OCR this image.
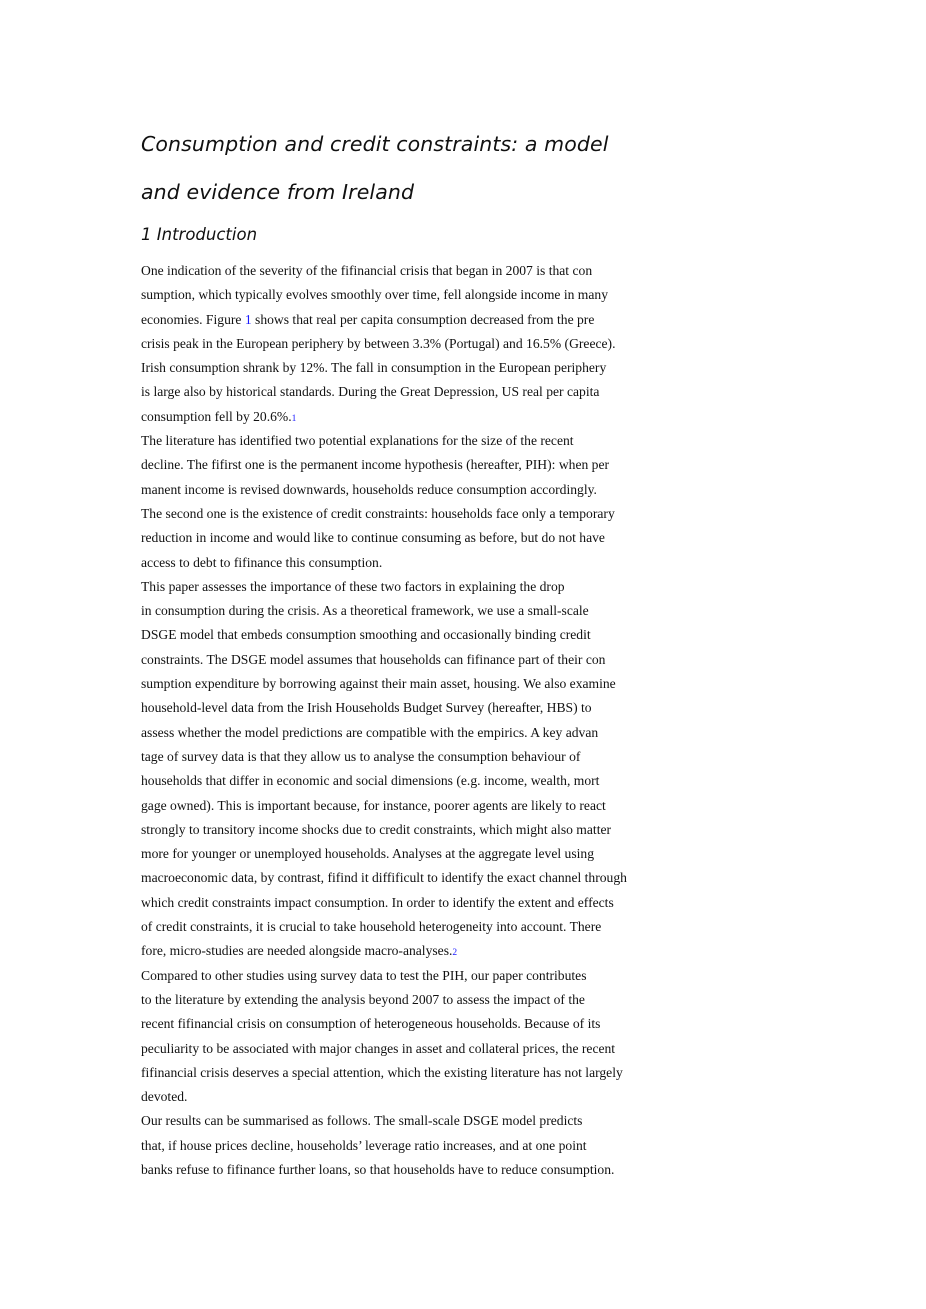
Consumption and credit constraints: a model
and evidence from Ireland
1 Introduction
One indication of the severity of the fifinancial crisis that began in 2007 is that con
sumption, which typically evolves smoothly over time, fell alongside income in many
economies. Figure 1 shows that real per capita consumption decreased from the pre
crisis peak in the European periphery by between 3.3% (Portugal) and 16.5% (Greece).
Irish consumption shrank by 12%. The fall in consumption in the European periphery
is large also by historical standards. During the Great Depression, US real per capita
consumption fell by 20.6%.1
The literature has identified two potential explanations for the size of the recent
decline. The fifirst one is the permanent income hypothesis (hereafter, PIH): when per
manent income is revised downwards, households reduce consumption accordingly.
The second one is the existence of credit constraints: households face only a temporary
reduction in income and would like to continue consuming as before, but do not have
access to debt to fifinance this consumption.
This paper assesses the importance of these two factors in explaining the drop
in consumption during the crisis. As a theoretical framework, we use a small-scale
DSGE model that embeds consumption smoothing and occasionally binding credit
constraints. The DSGE model assumes that households can fifinance part of their con
sumption expenditure by borrowing against their main asset, housing. We also examine
household-level data from the Irish Households Budget Survey (hereafter, HBS) to
assess whether the model predictions are compatible with the empirics. A key advan
tage of survey data is that they allow us to analyse the consumption behaviour of
households that differ in economic and social dimensions (e.g. income, wealth, mort
gage owned). This is important because, for instance, poorer agents are likely to react
strongly to transitory income shocks due to credit constraints, which might also matter
more for younger or unemployed households. Analyses at the aggregate level using
macroeconomic data, by contrast, fifind it diffificult to identify the exact channel through
which credit constraints impact consumption. In order to identify the extent and effects
of credit constraints, it is crucial to take household heterogeneity into account. There
fore, micro-studies are needed alongside macro-analyses.2
Compared to other studies using survey data to test the PIH, our paper contributes
to the literature by extending the analysis beyond 2007 to assess the impact of the
recent fifinancial crisis on consumption of heterogeneous households. Because of its
peculiarity to be associated with major changes in asset and collateral prices, the recent
fifinancial crisis deserves a special attention, which the existing literature has not largely
devoted.
Our results can be summarised as follows. The small-scale DSGE model predicts
that, if house prices decline, households’ leverage ratio increases, and at one point
banks refuse to fifinance further loans, so that households have to reduce consumption.
